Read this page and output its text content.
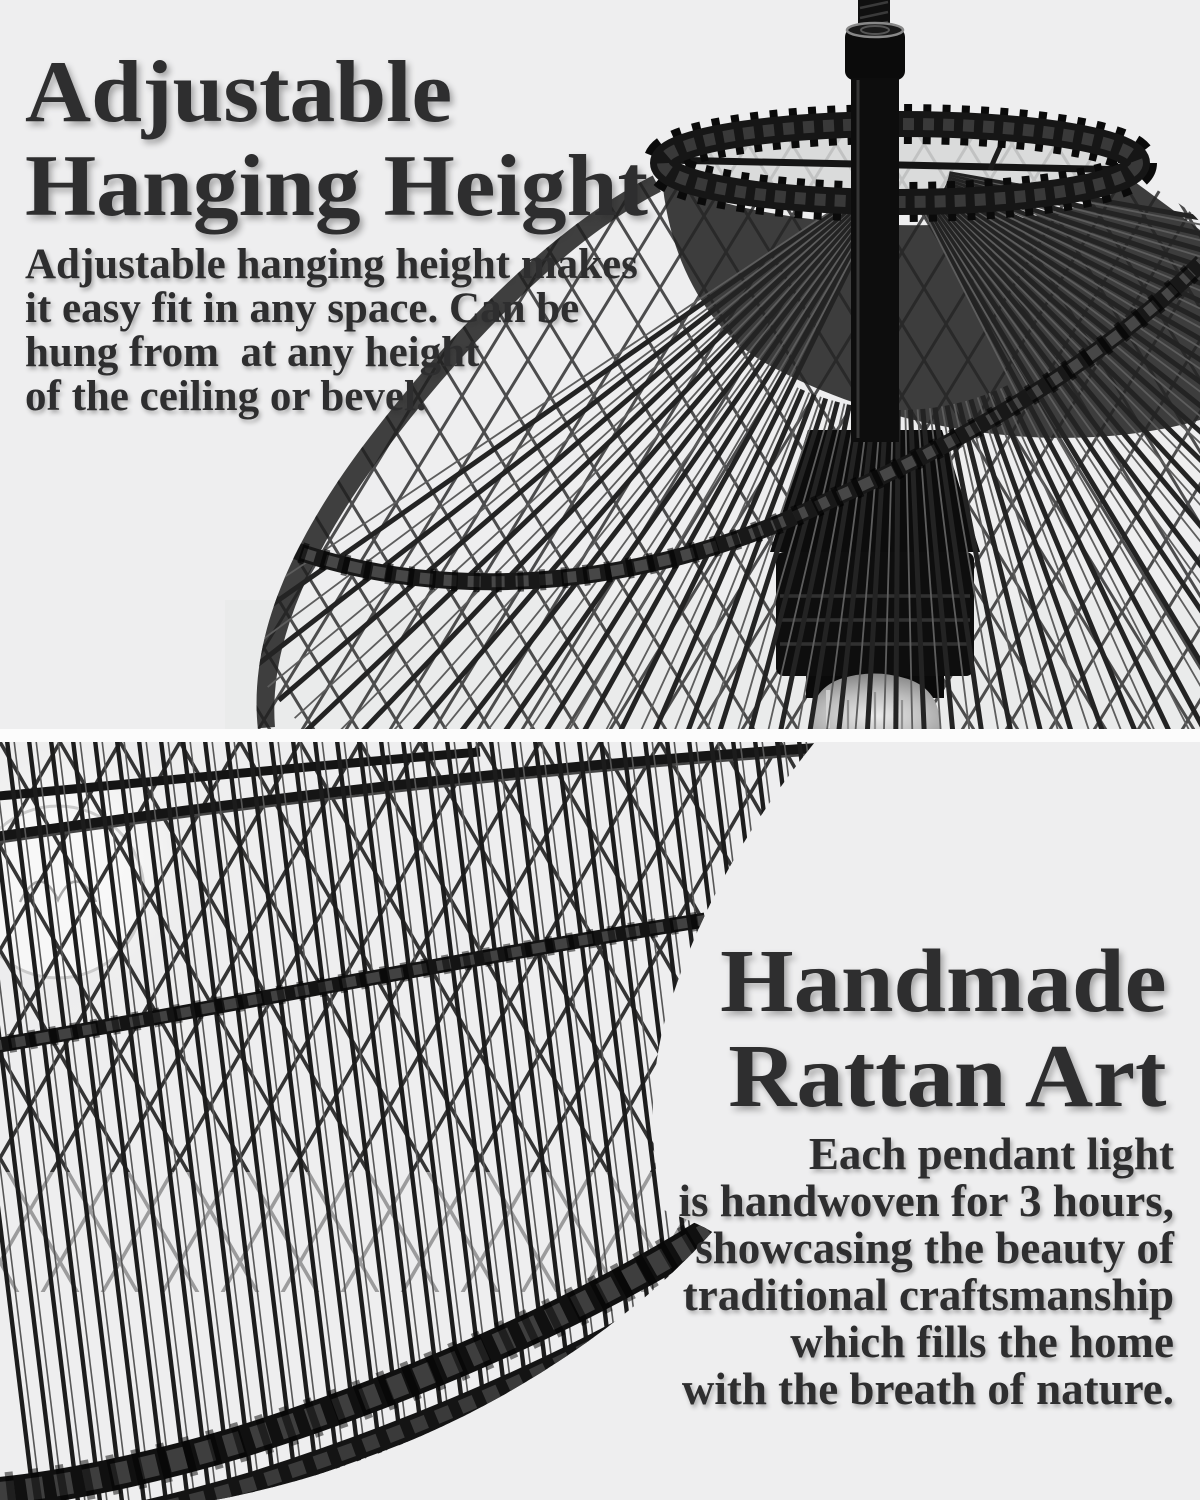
Adjustable
Hanging Height

Adjustable hanging height makes
it easy fit in any space. Can be
hung from  at any height
of the ceiling or bevel.

Handmade
Rattan Art

Each pendant light
is handwoven for 3 hours,
showcasing the beauty of
traditional craftsmanship
which fills the home
with the breath of nature.
